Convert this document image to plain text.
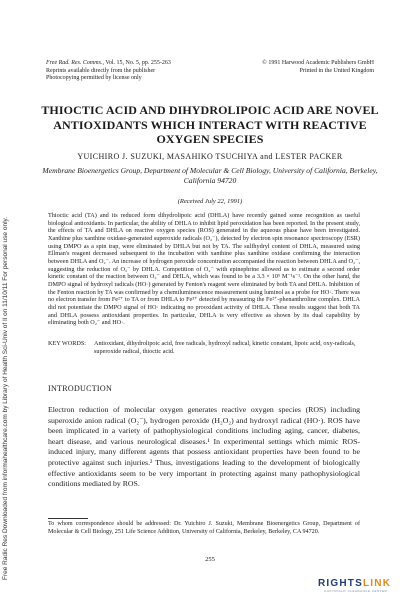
Free Radic Res Downloaded from informahealthcare.com by Library of Health Sci-Univ of Il on 11/10/11 For personal use only.
Free Rad. Res. Comms., Vol. 15, No. 5, pp. 255-263
Reprints available directly from the publisher
Photocopying permitted by license only
© 1991 Harwood Academic Publishers GmbH
Printed in the United Kingdom
THIOCTIC ACID AND DIHYDROLIPOIC ACID ARE NOVEL ANTIOXIDANTS WHICH INTERACT WITH REACTIVE OXYGEN SPECIES
YUICHIRO J. SUZUKI, MASAHIKO TSUCHIYA and LESTER PACKER
Membrane Bioenergetics Group, Department of Molecular & Cell Biology, University of California, Berkeley, California 94720
(Received July 22, 1991)
Thioctic acid (TA) and its reduced form dihydrolipoic acid (DHLA) have recently gained some recognition as useful biological antioxidants. In particular, the ability of DHLA to inhibit lipid peroxidation has been reported. In the present study, the effects of TA and DHLA on reactive oxygen species (ROS) generated in the aqueous phase have been investigated. Xanthine plus xanthine oxidase-generated superoxide radicals (O₂⁻), detected by electron spin resonance spectroscopy (ESR) using DMPO as a spin trap, were eliminated by DHLA but not by TA. The sulfhydryl content of DHLA, measured using Ellman's reagent decreased subsequent to the incubation with xanthine plus xanthine oxidase confirming the interaction between DHLA and O₂⁻. An increase of hydrogen peroxide concentration accompanied the reaction between DHLA and O₂⁻, suggesting the reduction of O₂⁻ by DHLA. Competition of O₂⁻ with epinephrine allowed us to estimate a second order kinetic constant of the reaction between O₂⁻ and DHLA, which was found to be a 3.3 × 10⁵ M⁻¹s⁻¹. On the other hand, the DMPO signal of hydroxyl radicals (HO·) generated by Fenton's reagent were eliminated by both TA and DHLA. Inhibition of the Fenton reaction by TA was confirmed by a chemiluminescence measurement using luminol as a probe for HO·. There was no electron transfer from Fe²⁺ to TA or from DHLA to Fe³⁺ detected by measuring the Fe²⁺-phenanthroline complex. DHLA did not potentiate the DMPO signal of HO· indicating no prooxidant activity of DHLA. These results suggest that both TA and DHLA possess antioxidant properties. In particular, DHLA is very effective as shown by its dual capability by eliminating both O₂⁻ and HO·.
KEY WORDS:	Antioxidant, dihydrolipoic acid, free radicals, hydroxyl radical, kinetic constant, lipoic acid, oxy-radicals, superoxide radical, thioctic acid.
INTRODUCTION
Electron reduction of molecular oxygen generates reactive oxygen species (ROS) including superoxide anion radical (O₂⁻), hydrogen peroxide (H₂O₂) and hydroxyl radical (HO·). ROS have been implicated in a variety of pathophysiological conditions including aging, cancer, diabetes, heart disease, and various neurological diseases.¹ In experimental settings which mimic ROS-induced injury, many different agents that possess antioxidant properties have been found to be protective against such injuries.² Thus, investigations leading to the development of biologically effective antioxidants seem to be very important in protecting against many pathophysiological conditions mediated by ROS.
To whom correspondence should be addressed: Dr. Yuichiro J. Suzuki, Membrane Bioenergetics Group, Department of Molecular & Cell Biology, 251 Life Science Addition, University of California, Berkeley, Berkeley, CA 94720.
255
RIGHTSLINK
COPYRIGHT CLEARANCE CENTER
